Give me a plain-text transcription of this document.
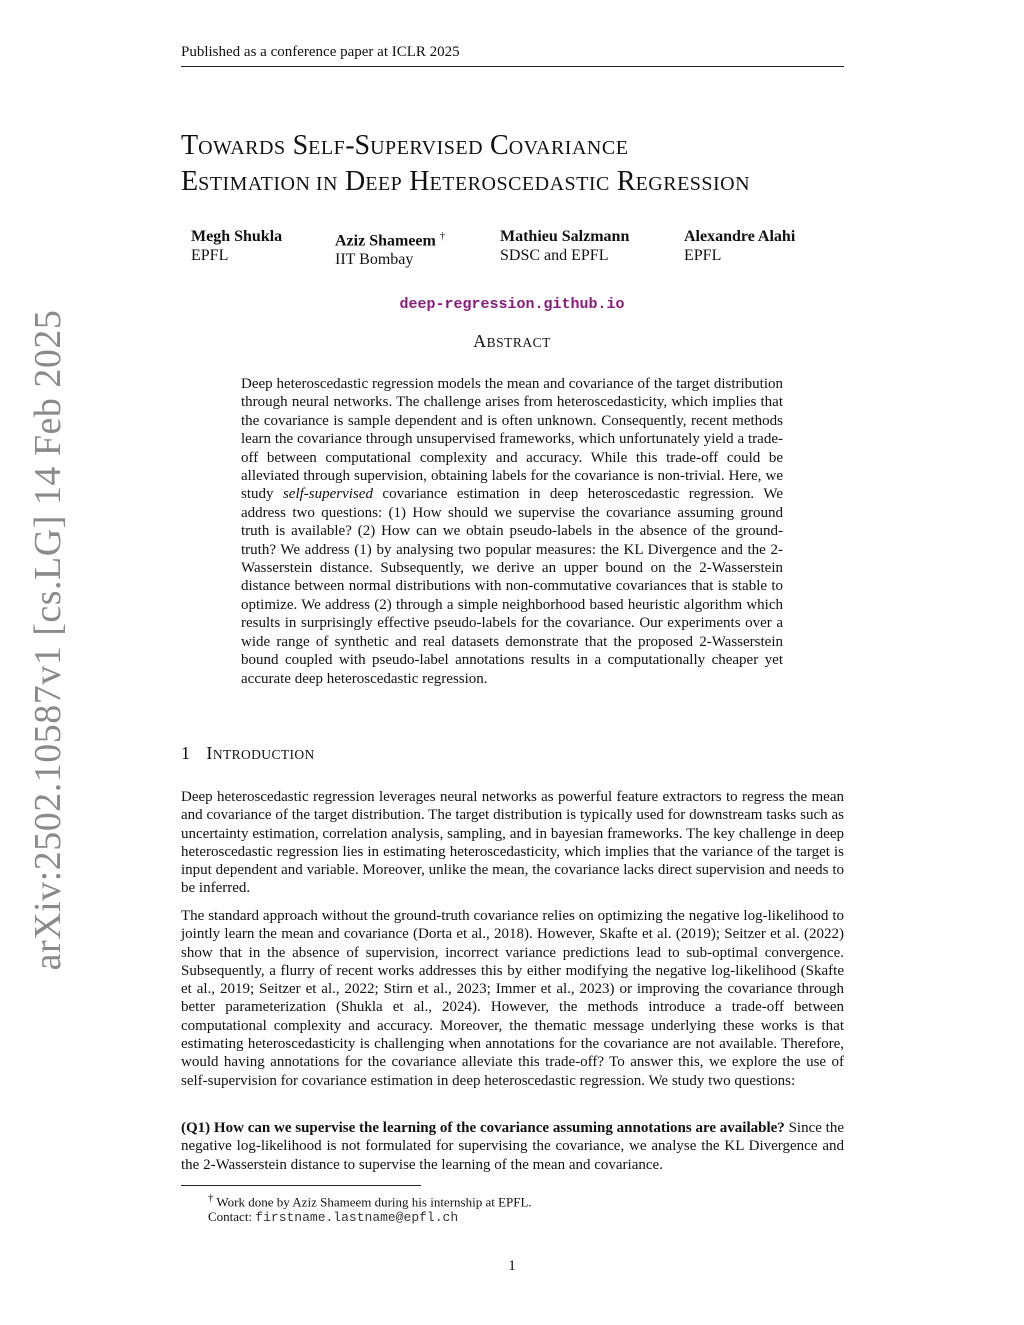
Published as a conference paper at ICLR 2025
arXiv:2502.10587v1 [cs.LG] 14 Feb 2025
TOWARDS SELF-SUPERVISED COVARIANCE
ESTIMATION IN DEEP HETEROSCEDASTIC REGRESSION
Megh Shukla
EPFL
Aziz Shameem †
IIT Bombay
Mathieu Salzmann
SDSC and EPFL
Alexandre Alahi
EPFL
deep-regression.github.io
ABSTRACT
Deep heteroscedastic regression models the mean and covariance of the target distribution through neural networks. The challenge arises from heteroscedasticity, which implies that the covariance is sample dependent and is often unknown. Consequently, recent methods learn the covariance through unsupervised frameworks, which unfortunately yield a trade-off between computational complexity and accuracy. While this trade-off could be alleviated through supervision, obtaining labels for the covariance is non-trivial. Here, we study self-supervised covariance estimation in deep heteroscedastic regression. We address two questions: (1) How should we supervise the covariance assuming ground truth is available? (2) How can we obtain pseudo-labels in the absence of the ground-truth? We address (1) by analysing two popular measures: the KL Divergence and the 2-Wasserstein distance. Subsequently, we derive an upper bound on the 2-Wasserstein distance between normal distributions with non-commutative covariances that is stable to optimize. We address (2) through a simple neighborhood based heuristic algorithm which results in surprisingly effective pseudo-labels for the covariance. Our experiments over a wide range of synthetic and real datasets demonstrate that the proposed 2-Wasserstein bound coupled with pseudo-label annotations results in a computationally cheaper yet accurate deep heteroscedastic regression.
1 INTRODUCTION
Deep heteroscedastic regression leverages neural networks as powerful feature extractors to regress the mean and covariance of the target distribution. The target distribution is typically used for downstream tasks such as uncertainty estimation, correlation analysis, sampling, and in bayesian frameworks. The key challenge in deep heteroscedastic regression lies in estimating heteroscedasticity, which implies that the variance of the target is input dependent and variable. Moreover, unlike the mean, the covariance lacks direct supervision and needs to be inferred.
The standard approach without the ground-truth covariance relies on optimizing the negative log-likelihood to jointly learn the mean and covariance (Dorta et al., 2018). However, Skafte et al. (2019); Seitzer et al. (2022) show that in the absence of supervision, incorrect variance predictions lead to sub-optimal convergence. Subsequently, a flurry of recent works addresses this by either modifying the negative log-likelihood (Skafte et al., 2019; Seitzer et al., 2022; Stirn et al., 2023; Immer et al., 2023) or improving the covariance through better parameterization (Shukla et al., 2024). However, the methods introduce a trade-off between computational complexity and accuracy. Moreover, the thematic message underlying these works is that estimating heteroscedasticity is challenging when annotations for the covariance are not available. Therefore, would having annotations for the covariance alleviate this trade-off? To answer this, we explore the use of self-supervision for covariance estimation in deep heteroscedastic regression. We study two questions:
(Q1) How can we supervise the learning of the covariance assuming annotations are available? Since the negative log-likelihood is not formulated for supervising the covariance, we analyse the KL Divergence and the 2-Wasserstein distance to supervise the learning of the mean and covariance.
† Work done by Aziz Shameem during his internship at EPFL.
Contact: firstname.lastname@epfl.ch
1
